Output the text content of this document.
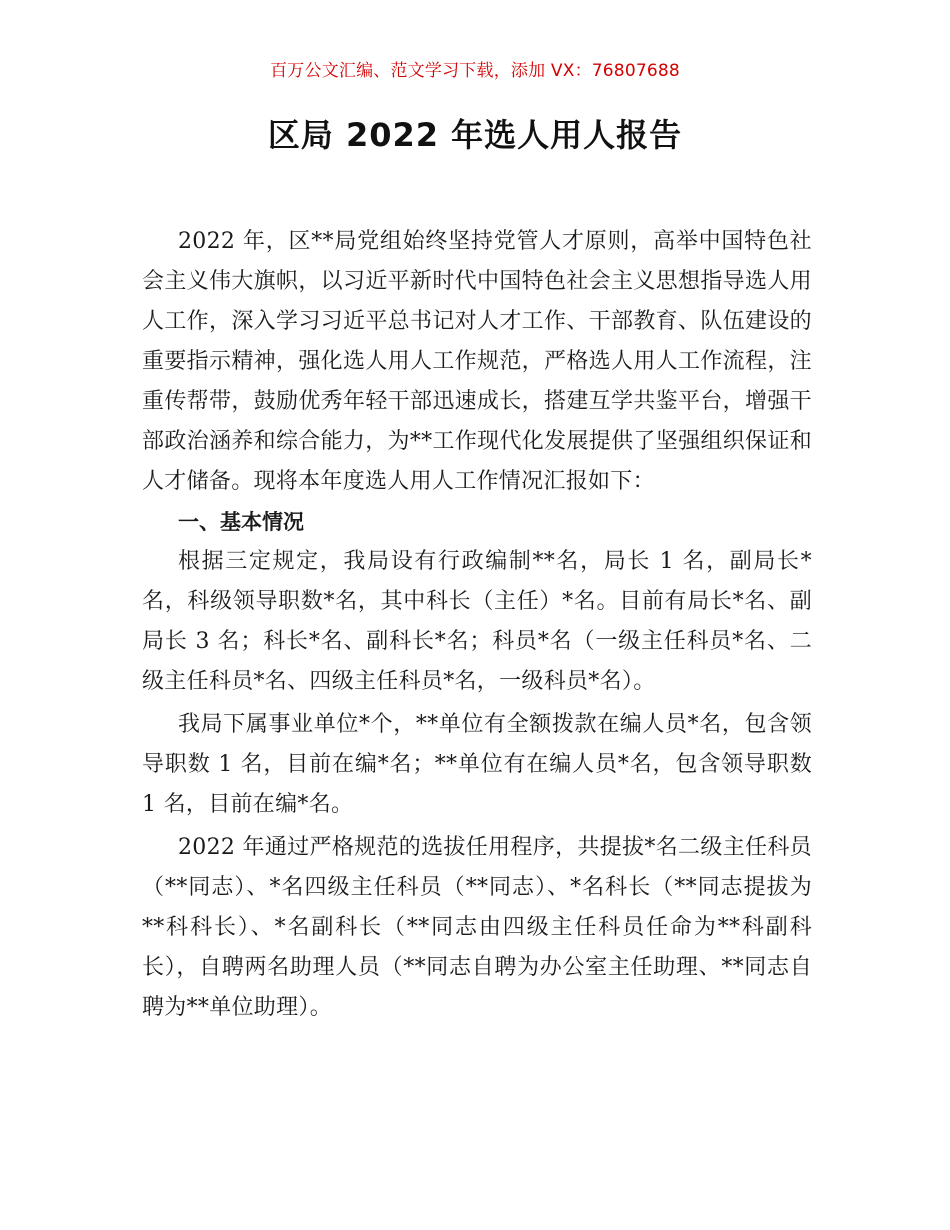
百万公文汇编、范文学习下载，添加 VX：76807688
区局 2022 年选人用人报告

2022 年，区**局党组始终坚持党管人才原则，高举中国特色社会主义伟大旗帜，以习近平新时代中国特色社会主义思想指导选人用人工作，深入学习习近平总书记对人才工作、干部教育、队伍建设的重要指示精神，强化选人用人工作规范，严格选人用人工作流程，注重传帮带，鼓励优秀年轻干部迅速成长，搭建互学共鉴平台，增强干部政治涵养和综合能力，为**工作现代化发展提供了坚强组织保证和人才储备。现将本年度选人用人工作情况汇报如下：

一、基本情况

根据三定规定，我局设有行政编制**名，局长 1 名，副局长*名，科级领导职数*名，其中科长（主任）*名。目前有局长*名、副局长 3 名；科长*名、副科长*名；科员*名（一级主任科员*名、二级主任科员*名、四级主任科员*名，一级科员*名）。

我局下属事业单位*个，**单位有全额拨款在编人员*名，包含领导职数 1 名，目前在编*名；**单位有在编人员*名，包含领导职数 1 名，目前在编*名。

2022 年通过严格规范的选拔任用程序，共提拔*名二级主任科员（**同志）、*名四级主任科员（**同志）、*名科长（**同志提拔为**科科长）、*名副科长（**同志由四级主任科员任命为**科副科长），自聘两名助理人员（**同志自聘为办公室主任助理、**同志自聘为**单位助理）。
